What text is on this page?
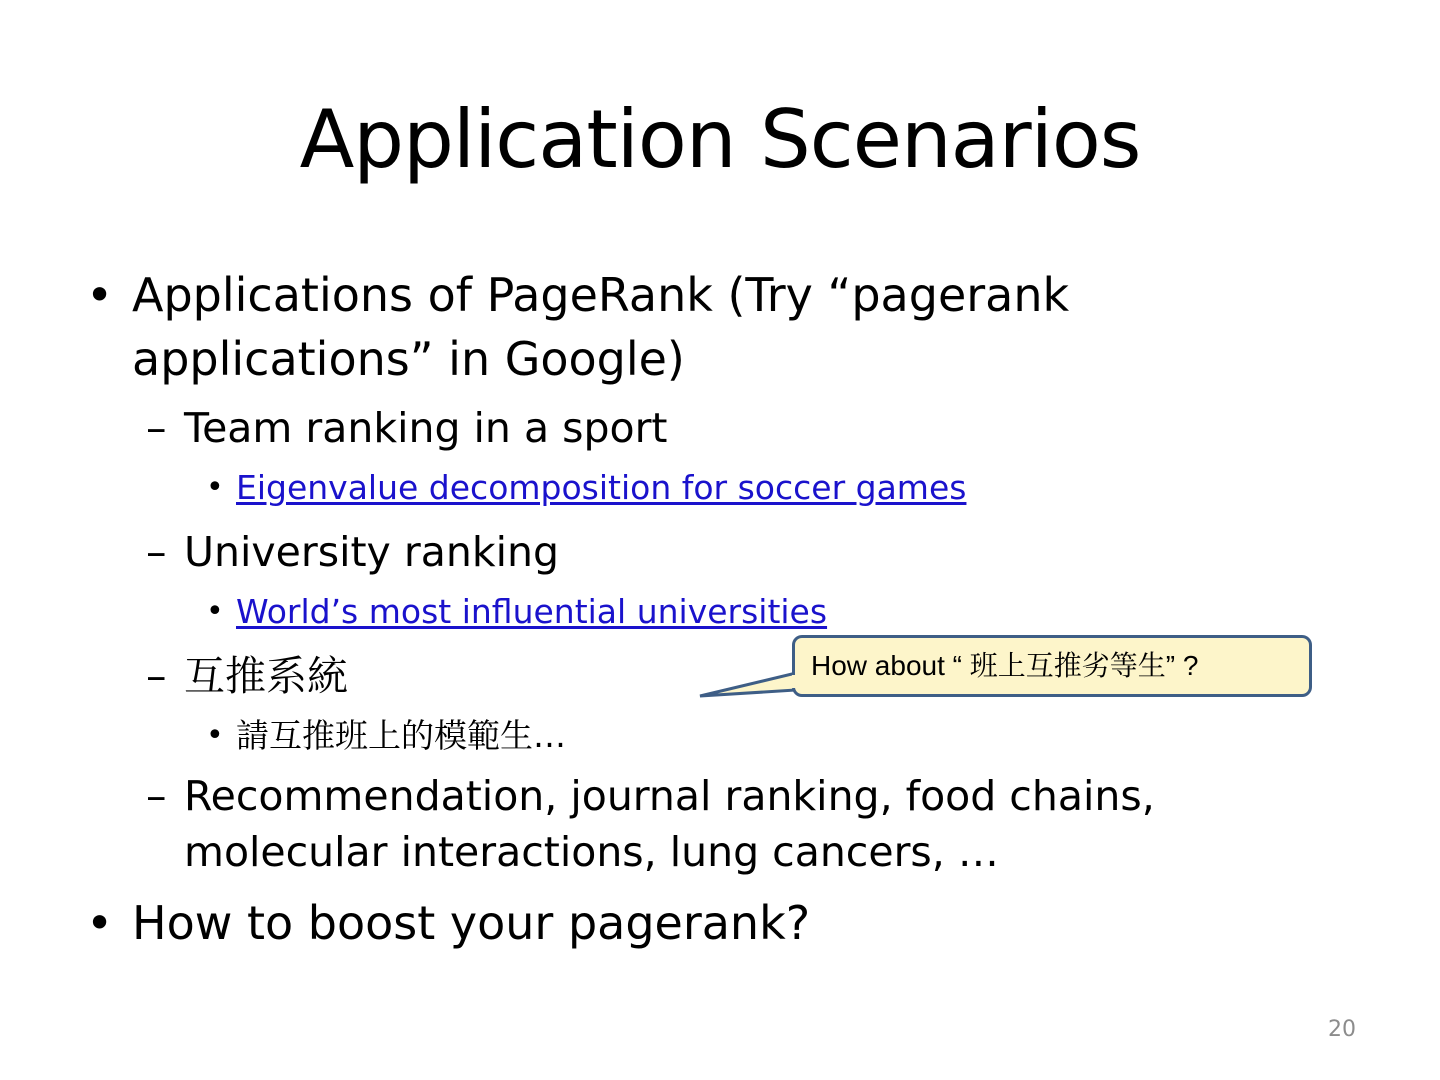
Application Scenarios
• Applications of PageRank (Try “pagerank
applications” in Google)
– Team ranking in a sport
• Eigenvalue decomposition for soccer games
– University ranking
• World’s most influential universities
– 互推系統
• 請互推班上的模範生…
– Recommendation, journal ranking, food chains,
molecular interactions, lung cancers, …
• How to boost your pagerank?
How about “ 班上互推劣等生” ?
20
